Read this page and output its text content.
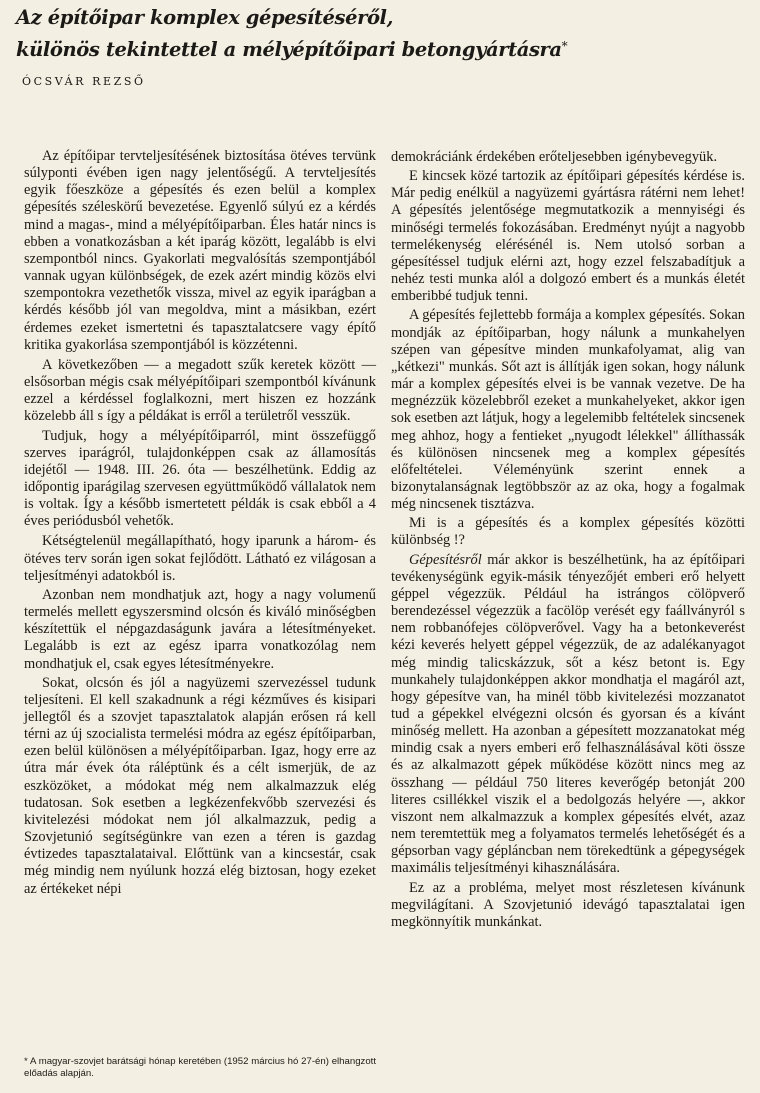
Az építőipar komplex gépesítéséről,
különös tekintettel a mélyépítőipari betongyártásra*
ÓCSVÁR REZSŐ

Az építőipar tervteljesítésének biztosítása ötéves tervünk súlyponti évében igen nagy jelentőségű. A tervteljesítés egyik főeszköze a gépesítés és ezen belül a komplex gépesítés széleskörű bevezetése. Egyenlő súlyú ez a kérdés mind a magas-, mind a mélyépítőiparban. Éles határ nincs is ebben a vonatkozásban a két iparág között, legalább is elvi szempontból nincs. Gyakorlati megvalósítás szempontjából vannak ugyan különbségek, de ezek azért mindig közös elvi szempontokra vezethetők vissza, mivel az egyik iparágban a kérdés később jól van megoldva, mint a másikban, ezért érdemes ezeket ismertetni és tapasztalatcsere vagy építő kritika gyakorlása szempontjából is közzétenni.

A következőben — a megadott szűk keretek között — elsősorban mégis csak mélyépítőipari szempontból kívánunk ezzel a kérdéssel foglalkozni, mert hiszen ez hozzánk közelebb áll s így a példákat is erről a területről vesszük.

Tudjuk, hogy a mélyépítőiparról, mint összefüggő szerves iparágról, tulajdonképpen csak az államosítás idejétől — 1948. III. 26. óta — beszélhetünk. Eddig az időpontig iparágilag szervesen együttműködő vállalatok nem is voltak. Így a később ismertetett példák is csak ebből a 4 éves periódusból vehetők.

Kétségtelenül megállapítható, hogy iparunk a három- és ötéves terv során igen sokat fejlődött. Látható ez világosan a teljesítményi adatokból is.

Azonban nem mondhatjuk azt, hogy a nagy volumenű termelés mellett egyszersmind olcsón és kiváló minőségben készítettük el népgazdaságunk javára a létesítményeket. Legalább is ezt az egész iparra vonatkozólag nem mondhatjuk el, csak egyes létesítményekre.

Sokat, olcsón és jól a nagyüzemi szervezéssel tudunk teljesíteni. El kell szakadnunk a régi kézműves és kisipari jellegtől és a szovjet tapasztalatok alapján erősen rá kell térni az új szocialista termelési módra az egész építőiparban, ezen belül különösen a mélyépítőiparban. Igaz, hogy erre az útra már évek óta ráléptünk és a célt ismerjük, de az eszközöket, a módokat még nem alkalmazzuk elég tudatosan. Sok esetben a legkézenfekvőbb szervezési és kivitelezési módokat nem jól alkalmazzuk, pedig a Szovjetunió segítségünkre van ezen a téren is gazdag évtizedes tapasztalataival. Előttünk van a kincsestár, csak még mindig nem nyúlunk hozzá elég biztosan, hogy ezeket az értékeket népi

demokráciánk érdekében erőteljesebben igénybevegyük.

E kincsek közé tartozik az építőipari gépesítés kérdése is. Már pedig enélkül a nagyüzemi gyártásra rátérni nem lehet! A gépesítés jelentősége megmutatkozik a mennyiségi és minőségi termelés fokozásában. Eredményt nyújt a nagyobb termelékenység elérésénél is. Nem utolsó sorban a gépesítéssel tudjuk elérni azt, hogy ezzel felszabadítjuk a nehéz testi munka alól a dolgozó embert és a munkás életét emberibbé tudjuk tenni.

A gépesítés fejlettebb formája a komplex gépesítés. Sokan mondják az építőiparban, hogy nálunk a munkahelyen szépen van gépesítve minden munkafolyamat, alig van „kétkezi" munkás. Sőt azt is állítják igen sokan, hogy nálunk már a komplex gépesítés elvei is be vannak vezetve. De ha megnézzük közelebbről ezeket a munkahelyeket, akkor igen sok esetben azt látjuk, hogy a legelemibb feltételek sincsenek meg ahhoz, hogy a fentieket „nyugodt lélekkel" állíthassák és különösen nincsenek meg a komplex gépesítés előfeltételei. Véleményünk szerint ennek a bizonytalanságnak legtöbbször az az oka, hogy a fogalmak még nincsenek tisztázva.

Mi is a gépesítés és a komplex gépesítés közötti különbség !?

Gépesítésről már akkor is beszélhetünk, ha az építőipari tevékenységünk egyik-másik tényezőjét emberi erő helyett géppel végezzük. Például ha istrángos cölöpverő berendezéssel végezzük a facölöp verését egy faállványról s nem robbanófejes cölöpverővel. Vagy ha a betonkeverést kézi keverés helyett géppel végezzük, de az adalékanyagot még mindig talicskázzuk, sőt a kész betont is. Egy munkahely tulajdonképpen akkor mondhatja el magáról azt, hogy gépesítve van, ha minél több kivitelezési mozzanatot tud a gépekkel elvégezni olcsón és gyorsan és a kívánt minőség mellett. Ha azonban a gépesített mozzanatokat még mindig csak a nyers emberi erő felhasználásával köti össze és az alkalmazott gépek működése között nincs meg az összhang — például 750 literes keverőgép betonját 200 literes csillékkel viszik el a bedolgozás helyére —, akkor viszont nem alkalmazzuk a komplex gépesítés elvét, azaz nem teremtettük meg a folyamatos termelés lehetőségét és a gépsorban vagy gépláncban nem törekedtünk a gépegységek maximális teljesítményi kihasználására.

Ez az a probléma, melyet most részletesen kívánunk megvilágítani. A Szovjetunió idevágó tapasztalatai igen megkönnyítik munkánkat.

* A magyar-szovjet barátsági hónap keretében (1952 március hó 27-én) elhangzott előadás alapján.
